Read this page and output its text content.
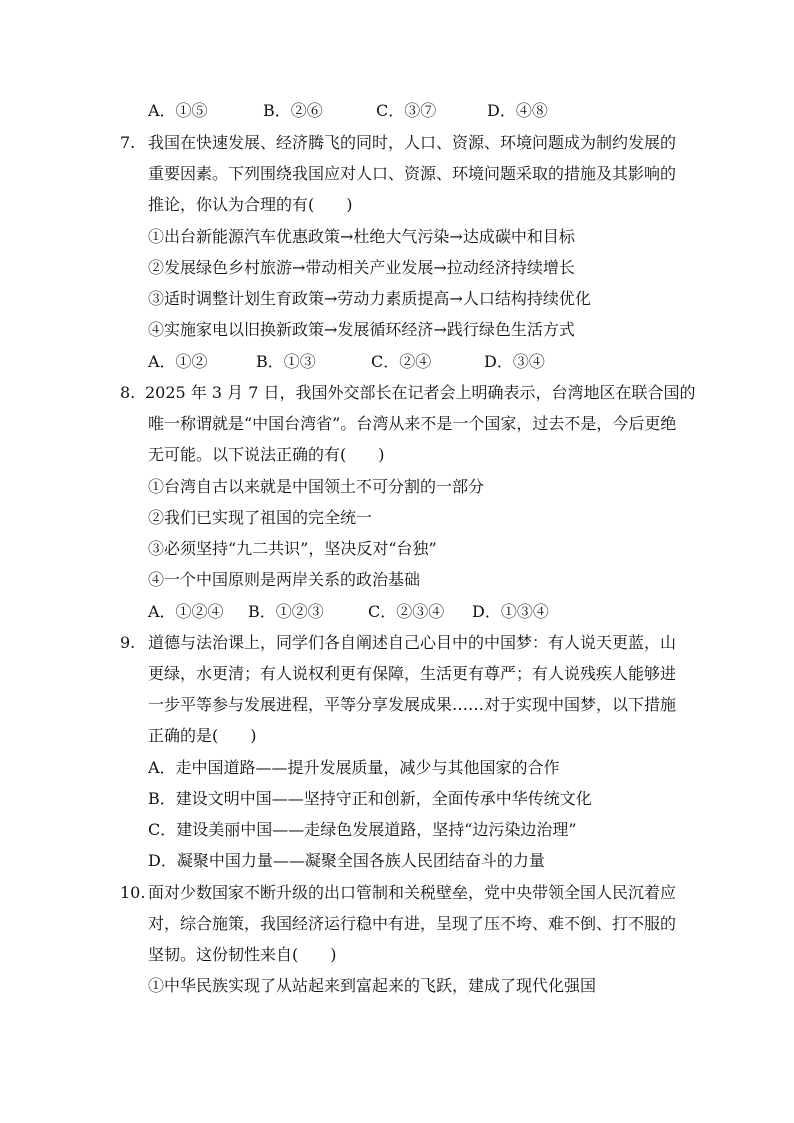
A．①⑤	B．②⑥	C．③⑦	D．④⑧
7. 我国在快速发展、经济腾飞的同时，人口、资源、环境问题成为制约发展的
重要因素。下列围绕我国应对人口、资源、环境问题采取的措施及其影响的
推论，你认为合理的有(　　)
①出台新能源汽车优惠政策→杜绝大气污染→达成碳中和目标
②发展绿色乡村旅游→带动相关产业发展→拉动经济持续增长
③适时调整计划生育政策→劳动力素质提高→人口结构持续优化
④实施家电以旧换新政策→发展循环经济→践行绿色生活方式
A．①②	B．①③	C．②④	D．③④
8. 2025 年 3 月 7 日，我国外交部长在记者会上明确表示，台湾地区在联合国的
唯一称谓就是“中国台湾省”。台湾从来不是一个国家，过去不是，今后更绝
无可能。以下说法正确的有(　　)
①台湾自古以来就是中国领土不可分割的一部分
②我们已实现了祖国的完全统一
③必须坚持“九二共识”，坚决反对“台独”
④一个中国原则是两岸关系的政治基础
A．①②④ B．①②③	C．②③④ D．①③④
9. 道德与法治课上，同学们各自阐述自己心目中的中国梦：有人说天更蓝，山
更绿，水更清；有人说权利更有保障，生活更有尊严；有人说残疾人能够进
一步平等参与发展进程，平等分享发展成果……对于实现中国梦，以下措施
正确的是(　　)
A．走中国道路——提升发展质量，减少与其他国家的合作
B．建设文明中国——坚持守正和创新，全面传承中华传统文化
C．建设美丽中国——走绿色发展道路，坚持“边污染边治理”
D．凝聚中国力量——凝聚全国各族人民团结奋斗的力量
10. 面对少数国家不断升级的出口管制和关税壁垒，党中央带领全国人民沉着应
对，综合施策，我国经济运行稳中有进，呈现了压不垮、难不倒、打不服的
坚韧。这份韧性来自(　　)
①中华民族实现了从站起来到富起来的飞跃，建成了现代化强国
